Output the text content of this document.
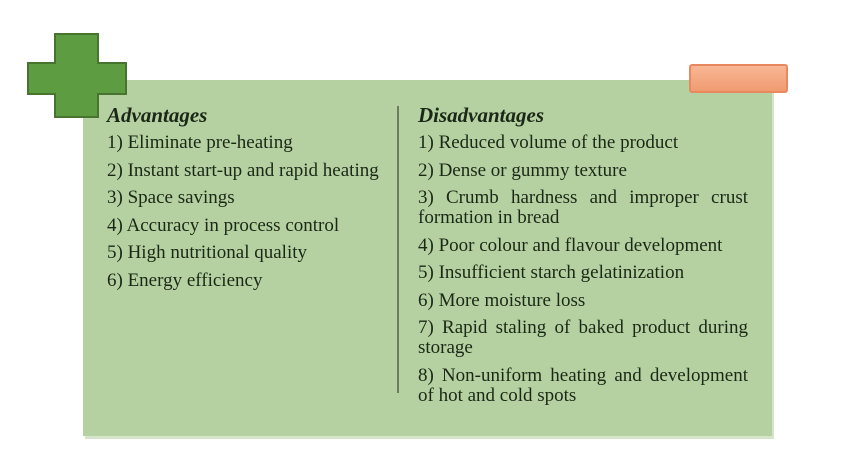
Advantages
1) Eliminate pre-heating
2) Instant start-up and rapid heating
3) Space savings
4) Accuracy in process control
5) High nutritional quality
6) Energy efficiency
Disadvantages
1) Reduced volume of the product
2) Dense or gummy texture
3) Crumb hardness and improper crust formation in bread
4) Poor colour and flavour development
5) Insufficient starch gelatinization
6) More moisture loss
7) Rapid staling of baked product during storage
8) Non-uniform heating and development of hot and cold spots
